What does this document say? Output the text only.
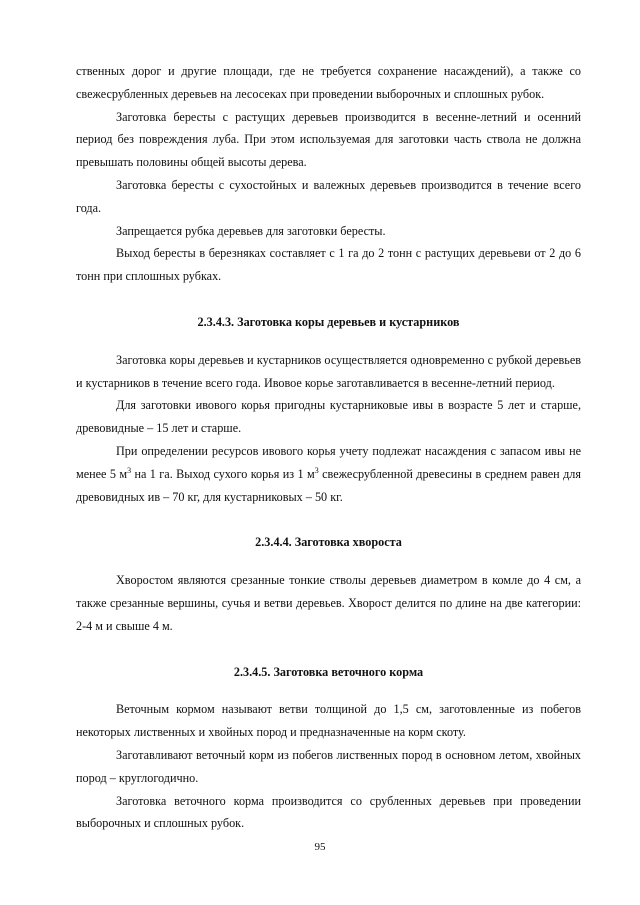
ственных дорог и другие площади, где не требуется сохранение насаждений), а также со свежесрубленных деревьев на лесосеках при проведении выборочных и сплошных рубок.

Заготовка бересты с растущих деревьев производится в весенне-летний и осенний период без повреждения луба. При этом используемая для заготовки часть ствола не должна превышать половины общей высоты дерева.

Заготовка бересты с сухостойных и валежных деревьев производится в течение всего года.

Запрещается рубка деревьев для заготовки бересты.

Выход бересты в березняках составляет с 1 га до 2 тонн с растущих деревьеви от 2 до 6 тонн при сплошных рубках.

2.3.4.3. Заготовка коры деревьев и кустарников

Заготовка коры деревьев и кустарников осуществляется одновременно с рубкой деревьев и кустарников в течение всего года. Ивовое корье заготавливается в весенне-летний период.

Для заготовки ивового корья пригодны кустарниковые ивы в возрасте 5 лет и старше, древовидные – 15 лет и старше.

При определении ресурсов ивового корья учету подлежат насаждения с запасом ивы не менее 5 $м^3$ на 1 га. Выход сухого корья из 1 $м^3$ свежесрубленной древесины в среднем равен для древовидных ив – 70 кг, для кустарниковых – 50 кг.

2.3.4.4. Заготовка хвороста

Хворостом являются срезанные тонкие стволы деревьев диаметром в комле до 4 см, а также срезанные вершины, сучья и ветви деревьев. Хворост делится по длине на две категории: 2-4 м и свыше 4 м.

2.3.4.5. Заготовка веточного корма

Веточным кормом называют ветви толщиной до 1,5 см, заготовленные из побегов некоторых лиственных и хвойных пород и предназначенные на корм скоту.

Заготавливают веточный корм из побегов лиственных пород в основном летом, хвойных пород – круглогодично.

Заготовка веточного корма производится со срубленных деревьев при проведении выборочных и сплошных рубок.

95
